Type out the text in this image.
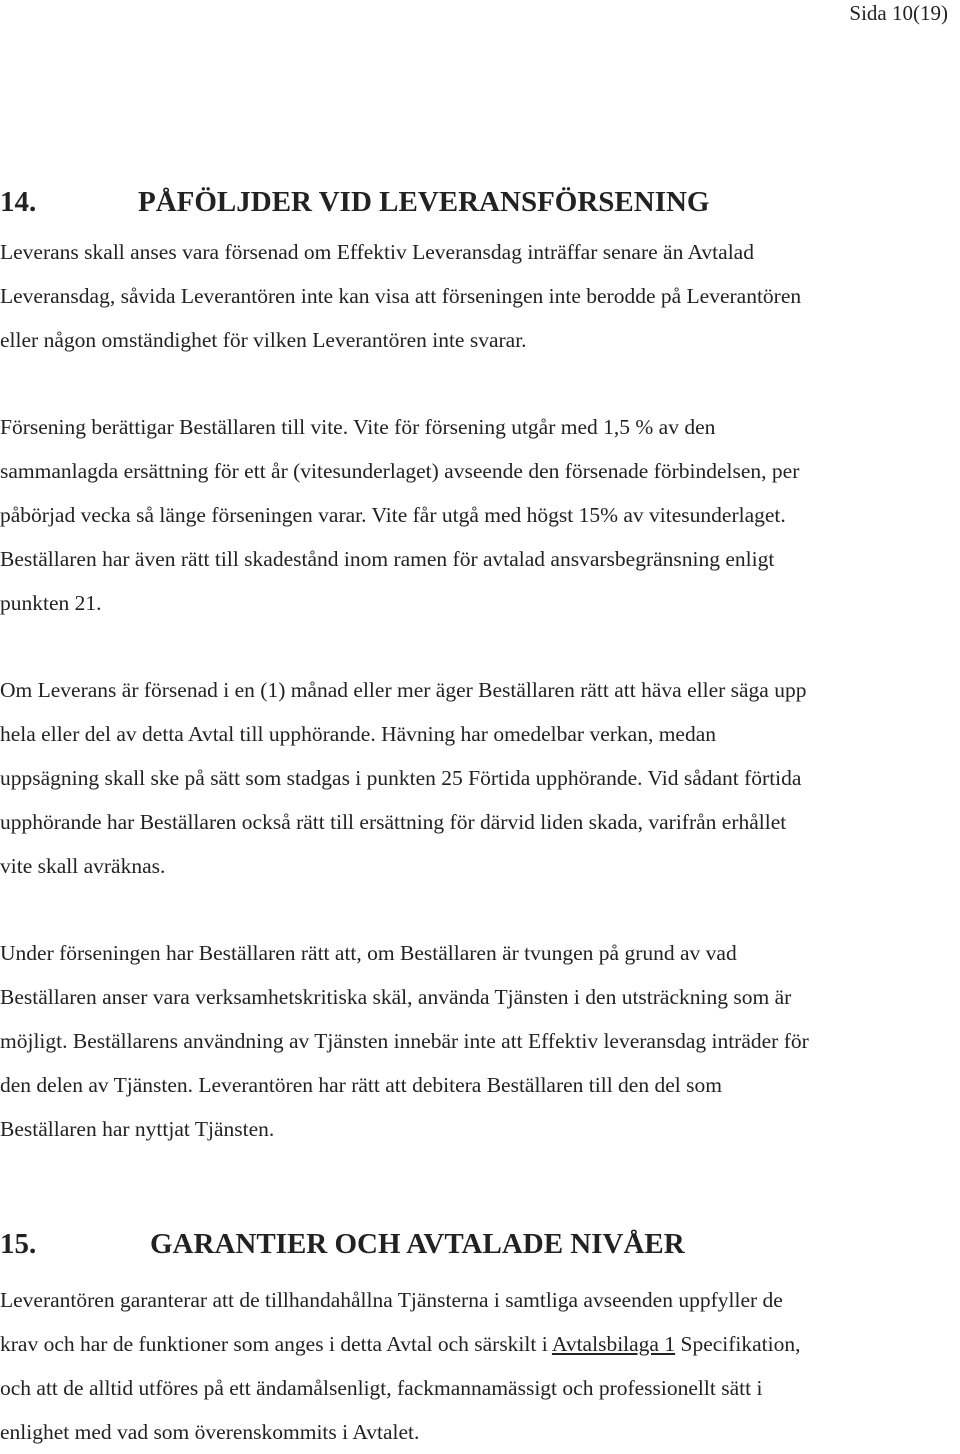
Sida 10(19)
14.	PÅFÖLJDER VID LEVERANSFÖRSENING
Leverans skall anses vara försenad om Effektiv Leveransdag inträffar senare än Avtalad
Leveransdag, såvida Leverantören inte kan visa att förseningen inte berodde på Leverantören
eller någon omständighet för vilken Leverantören inte svarar.
Försening berättigar Beställaren till vite. Vite för försening utgår med 1,5 % av den
sammanlagda ersättning för ett år (vitesunderlaget) avseende den försenade förbindelsen, per
påbörjad vecka så länge förseningen varar. Vite får utgå med högst 15% av vitesunderlaget.
Beställaren har även rätt till skadestånd inom ramen för avtalad ansvarsbegränsning enligt
punkten 21.
Om Leverans är försenad i en (1) månad eller mer äger Beställaren rätt att häva eller säga upp
hela eller del av detta Avtal till upphörande. Hävning har omedelbar verkan, medan
uppsägning skall ske på sätt som stadgas i punkten 25 Förtida upphörande. Vid sådant förtida
upphörande har Beställaren också rätt till ersättning för därvid liden skada, varifrån erhållet
vite skall avräknas.
Under förseningen har Beställaren rätt att, om Beställaren är tvungen på grund av vad
Beställaren anser vara verksamhetskritiska skäl, använda Tjänsten i den utsträckning som är
möjligt. Beställarens användning av Tjänsten innebär inte att Effektiv leveransdag inträder för
den delen av Tjänsten. Leverantören har rätt att debitera Beställaren till den del som
Beställaren har nyttjat Tjänsten.
15.	GARANTIER OCH AVTALADE NIVÅER
Leverantören garanterar att de tillhandahållna Tjänsterna i samtliga avseenden uppfyller de
krav och har de funktioner som anges i detta Avtal och särskilt i Avtalsbilaga 1 Specifikation,
och att de alltid utföres på ett ändamålsenligt, fackmannamässigt och professionellt sätt i
enlighet med vad som överenskommits i Avtalet.
